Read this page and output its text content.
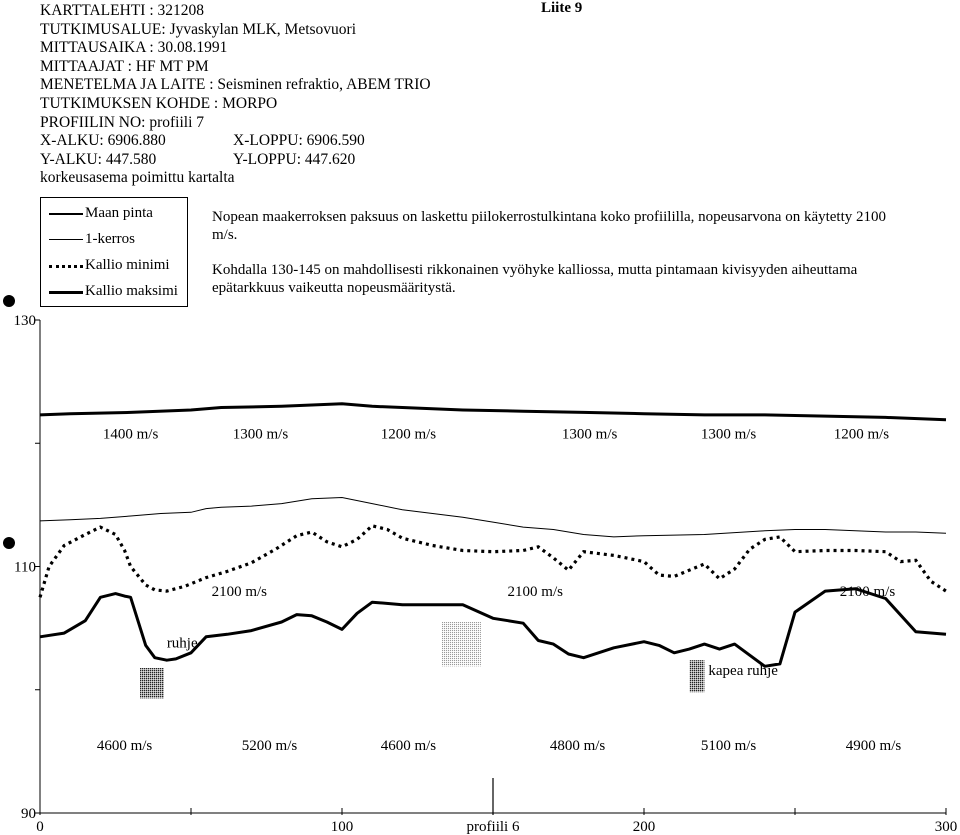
KARTTALEHTI : 321208
TUTKIMUSALUE: Jyvaskylan MLK, Metsovuori
MITTAUSAIKA : 30.08.1991
MITTAAJAT : HF MT PM
MENETELMA JA LAITE : Seisminen refraktio, ABEM TRIO
TUTKIMUKSEN KOHDE : MORPO
PROFIILIN NO: profiili 7
X-ALKU: 6906.880	X-LOPPU: 6906.590
Y-ALKU: 447.580	Y-LOPPU: 447.620
korkeusasema poimittu kartalta
Liite 9
Maan pinta
1-kerros
Kallio minimi
Kallio maksimi

Nopean maakerroksen paksuus on laskettu piilokerrostulkintana koko profiililla, nopeusarvona on käytetty 2100 m/s.

Kohdalla 130-145 on mahdollisesti rikkonainen vyöhyke kalliossa, mutta pintamaan kivisyyden aiheuttama epätarkkuus vaikeutta nopeusmääritystä.

90
110
130
0	100	200	300
profiili 6
ruhje
kapea ruhje
1400 m/s	1300 m/s	1200 m/s	1300 m/s	1300 m/s	1200 m/s
2100 m/s	2100 m/s	2100 m/s
4600 m/s	5200 m/s	4600 m/s	4800 m/s	5100 m/s	4900 m/s
